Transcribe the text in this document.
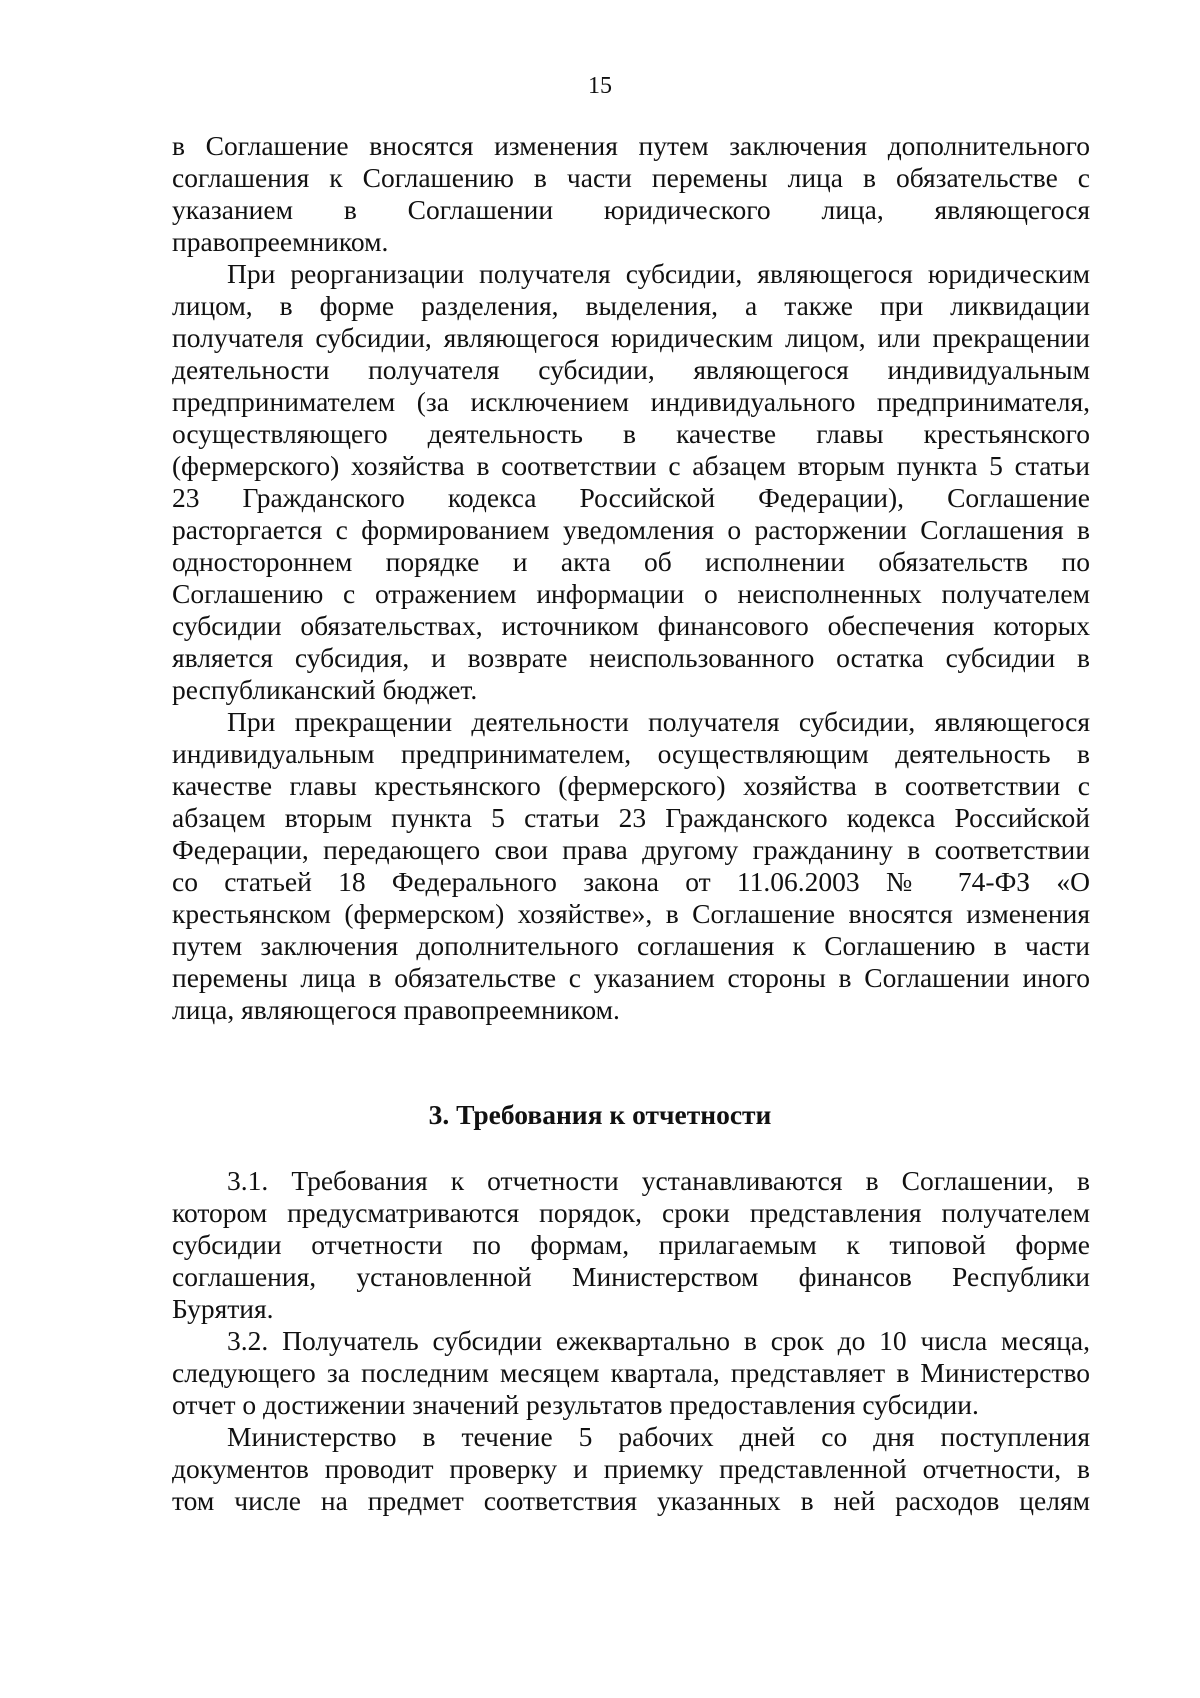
15
в Соглашение вносятся изменения путем заключения дополнительного
соглашения к Соглашению в части перемены лица в обязательстве с
указанием в Соглашении юридического лица, являющегося
правопреемником.
При реорганизации получателя субсидии, являющегося юридическим
лицом, в форме разделения, выделения, а также при ликвидации
получателя субсидии, являющегося юридическим лицом, или прекращении
деятельности получателя субсидии, являющегося индивидуальным
предпринимателем (за исключением индивидуального предпринимателя,
осуществляющего деятельность в качестве главы крестьянского
(фермерского) хозяйства в соответствии с абзацем вторым пункта 5 статьи
23 Гражданского кодекса Российской Федерации), Соглашение
расторгается с формированием уведомления о расторжении Соглашения в
одностороннем порядке и акта об исполнении обязательств по
Соглашению с отражением информации о неисполненных получателем
субсидии обязательствах, источником финансового обеспечения которых
является субсидия, и возврате неиспользованного остатка субсидии в
республиканский бюджет.
При прекращении деятельности получателя субсидии, являющегося
индивидуальным предпринимателем, осуществляющим деятельность в
качестве главы крестьянского (фермерского) хозяйства в соответствии с
абзацем вторым пункта 5 статьи 23 Гражданского кодекса Российской
Федерации, передающего свои права другому гражданину в соответствии
со статьей 18 Федерального закона от 11.06.2003 № 74-ФЗ «О
крестьянском (фермерском) хозяйстве», в Соглашение вносятся изменения
путем заключения дополнительного соглашения к Соглашению в части
перемены лица в обязательстве с указанием стороны в Соглашении иного
лица, являющегося правопреемником.
3. Требования к отчетности
3.1. Требования к отчетности устанавливаются в Соглашении, в
котором предусматриваются порядок, сроки представления получателем
субсидии отчетности по формам, прилагаемым к типовой форме
соглашения, установленной Министерством финансов Республики
Бурятия.
3.2. Получатель субсидии ежеквартально в срок до 10 числа месяца,
следующего за последним месяцем квартала, представляет в Министерство
отчет о достижении значений результатов предоставления субсидии.
Министерство в течение 5 рабочих дней со дня поступления
документов проводит проверку и приемку представленной отчетности, в
том числе на предмет соответствия указанных в ней расходов целям
